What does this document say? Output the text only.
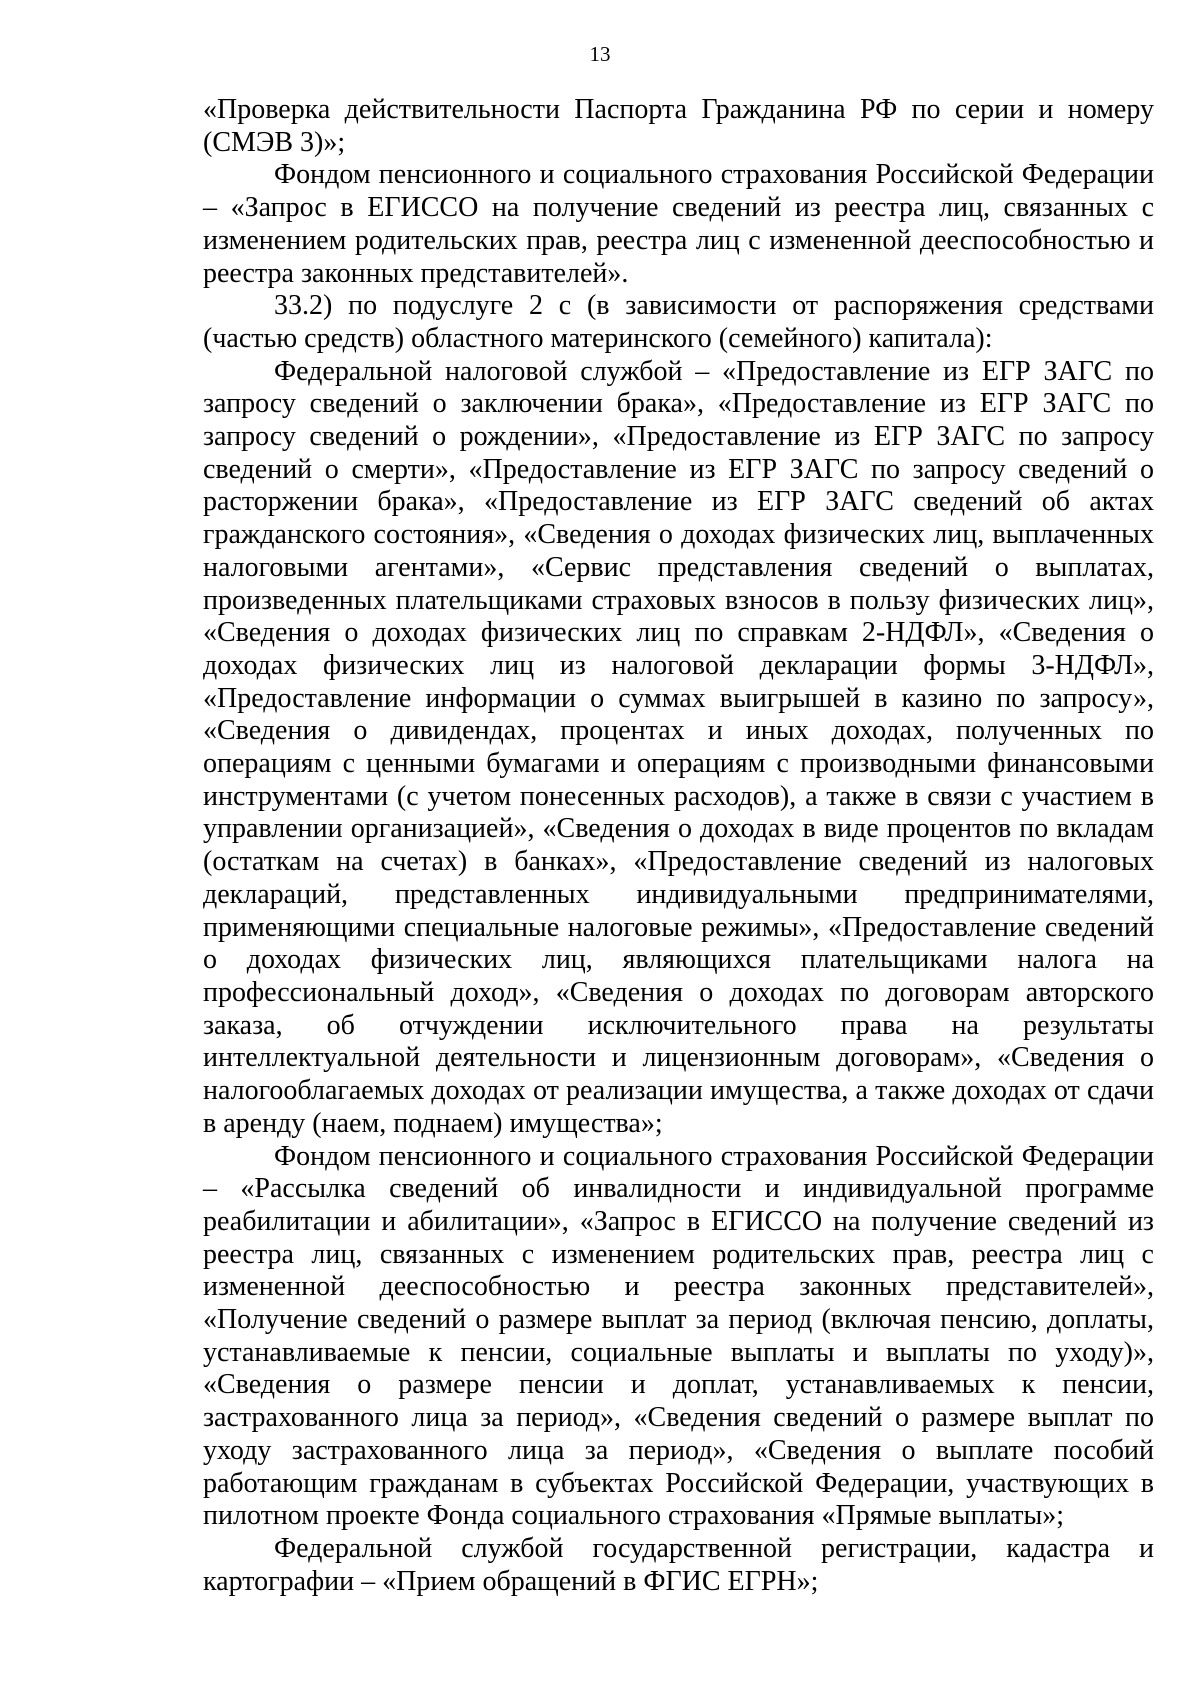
13

«Проверка действительности Паспорта Гражданина РФ по серии и номеру (СМЭВ 3)»;

Фондом пенсионного и социального страхования Российской Федерации – «Запрос в ЕГИССО на получение сведений из реестра лиц, связанных с изменением родительских прав, реестра лиц с измененной дееспособностью и реестра законных представителей».

33.2) по подуслуге 2 с (в зависимости от распоряжения средствами (частью средств) областного материнского (семейного) капитала):

Федеральной налоговой службой – «Предоставление из ЕГР ЗАГС по запросу сведений о заключении брака», «Предоставление из ЕГР ЗАГС по запросу сведений о рождении», «Предоставление из ЕГР ЗАГС по запросу сведений о смерти», «Предоставление из ЕГР ЗАГС по запросу сведений о расторжении брака», «Предоставление из ЕГР ЗАГС сведений об актах гражданского состояния», «Сведения о доходах физических лиц, выплаченных налоговыми агентами», «Сервис представления сведений о выплатах, произведенных плательщиками страховых взносов в пользу физических лиц», «Сведения о доходах физических лиц по справкам 2-НДФЛ», «Сведения о доходах физических лиц из налоговой декларации формы 3-НДФЛ», «Предоставление информации о суммах выигрышей в казино по запросу», «Сведения о дивидендах, процентах и иных доходах, полученных по операциям с ценными бумагами и операциям с производными финансовыми инструментами (с учетом понесенных расходов), а также в связи с участием в управлении организацией», «Сведения о доходах в виде процентов по вкладам (остаткам на счетах) в банках», «Предоставление сведений из налоговых деклараций, представленных индивидуальными предпринимателями, применяющими специальные налоговые режимы», «Предоставление сведений о доходах физических лиц, являющихся плательщиками налога на профессиональный доход», «Сведения о доходах по договорам авторского заказа, об отчуждении исключительного права на результаты интеллектуальной деятельности и лицензионным договорам», «Сведения о налогооблагаемых доходах от реализации имущества, а также доходах от сдачи в аренду (наем, поднаем) имущества»;

Фондом пенсионного и социального страхования Российской Федерации – «Рассылка сведений об инвалидности и индивидуальной программе реабилитации и абилитации», «Запрос в ЕГИССО на получение сведений из реестра лиц, связанных с изменением родительских прав, реестра лиц с измененной дееспособностью и реестра законных представителей», «Получение сведений о размере выплат за период (включая пенсию, доплаты, устанавливаемые к пенсии, социальные выплаты и выплаты по уходу)», «Сведения о размере пенсии и доплат, устанавливаемых к пенсии, застрахованного лица за период», «Сведения сведений о размере выплат по уходу застрахованного лица за период», «Сведения о выплате пособий работающим гражданам в субъектах Российской Федерации, участвующих в пилотном проекте Фонда социального страхования «Прямые выплаты»;

Федеральной службой государственной регистрации, кадастра и картографии – «Прием обращений в ФГИС ЕГРН»;
